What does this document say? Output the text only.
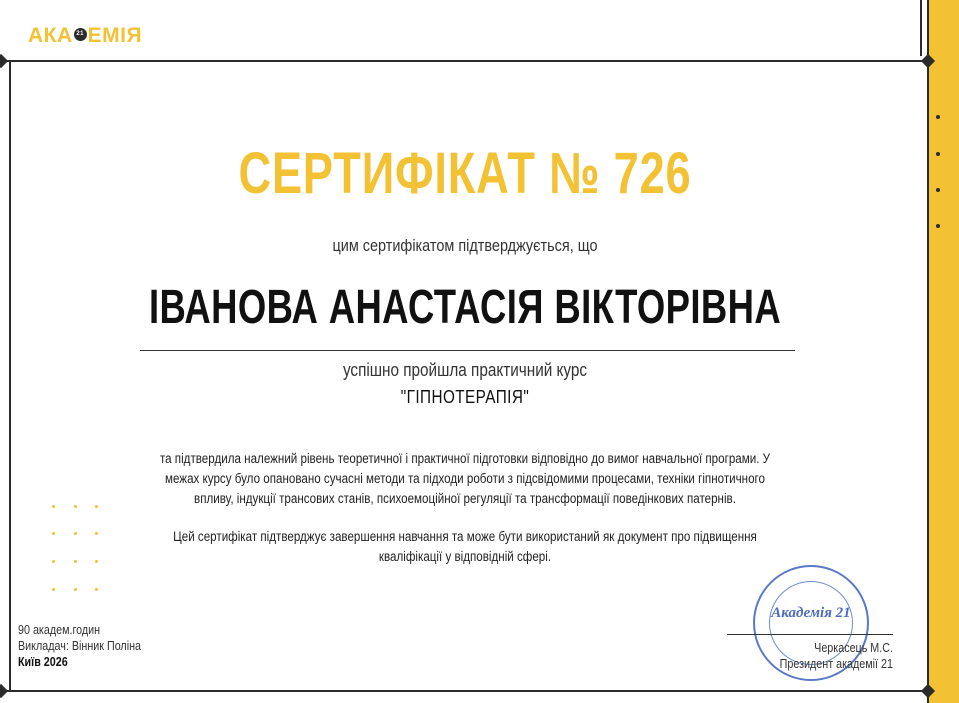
АКА 21 ЕМІЯ
СЕРТИФІКАТ № 726
цим сертифікатом підтверджується, що
ІВАНОВА АНАСТАСІЯ ВІКТОРІВНА
успішно пройшла практичний курс
"ГІПНОТЕРАПІЯ"
та підтвердила належний рівень теоретичної і практичної підготовки відповідно до вимог навчальної програми. У межах курсу було опановано сучасні методи та підходи роботи з підсвідомими процесами, техніки гіпнотичного впливу, індукції трансових станів, психоемоційної регуляції та трансформації поведінкових патернів.
Цей сертифікат підтверджує завершення навчання та може бути використаний як документ про підвищення кваліфікації у відповідній сфері.
90 академ.годин
Викладач: Вінник Поліна
Київ 2026
Академія 21
Черкасець М.С.
Президент академії 21
